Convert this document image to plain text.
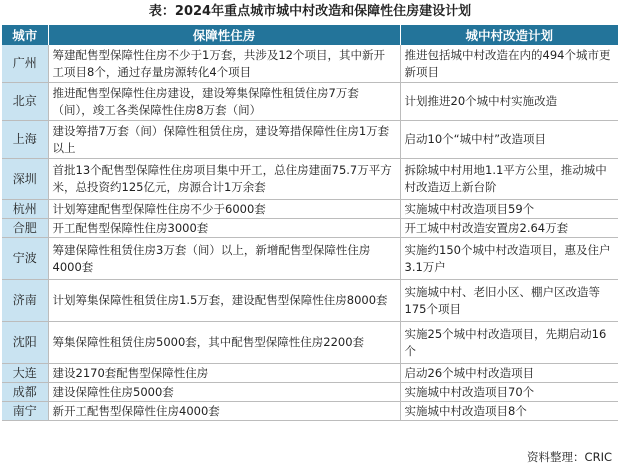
表：2024年重点城市城中村改造和保障性住房建设计划
城市	保障性住房	城中村改造计划
广州	筹建配售型保障性住房不少于1万套，共涉及12个项目，其中新开工项目8个，通过存量房源转化4个项目	推进包括城中村改造在内的494个城市更新项目
北京	推进配售型保障性住房建设，建设筹集保障性租赁住房7万套（间），竣工各类保障性住房8万套（间）	计划推进20个城中村实施改造
上海	建设筹措7万套（间）保障性租赁住房，建设筹措保障性住房1万套以上	启动10个“城中村”改造项目
深圳	首批13个配售型保障性住房项目集中开工，总住房建面75.7万平方米，总投资约125亿元，房源合计1万余套	拆除城中村用地1.1平方公里，推动城中村改造迈上新台阶
杭州	计划筹建配售型保障性住房不少于6000套	实施城中村改造项目59个
合肥	开工配售型保障性住房3000套	开工城中村改造安置房2.64万套
宁波	筹建保障性租赁住房3万套（间）以上，新增配售型保障性住房4000套	实施约150个城中村改造项目，惠及住户3.1万户
济南	计划筹集保障性租赁住房1.5万套，建设配售型保障性住房8000套	实施城中村、老旧小区、棚户区改造等175个项目
沈阳	筹集保障性租赁住房5000套，其中配售型保障性住房2200套	实施25个城中村改造项目，先期启动16个
大连	建设2170套配售型保障性住房	启动26个城中村改造项目
成都	建设保障性住房5000套	实施城中村改造项目70个
南宁	新开工配售型保障性住房4000套	实施城中村改造项目8个
资料整理：CRIC
